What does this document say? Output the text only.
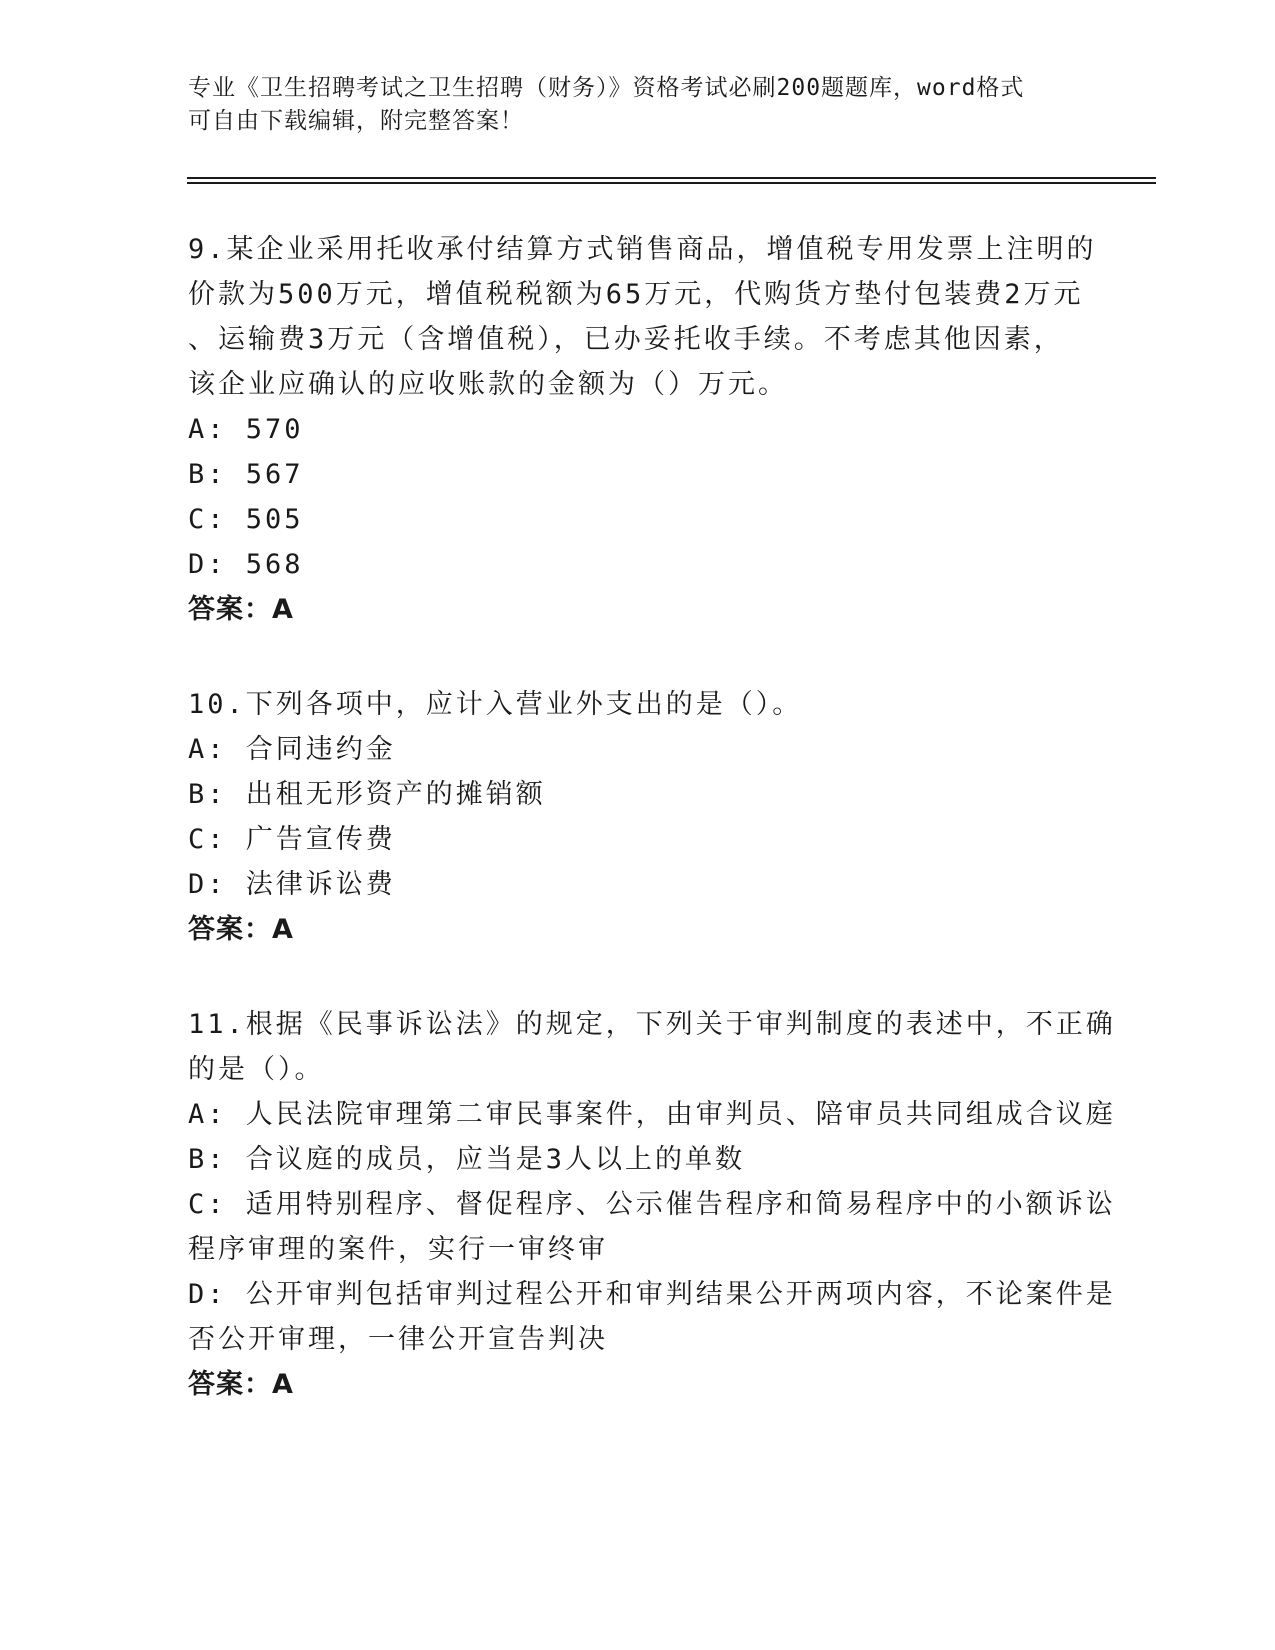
专业《卫生招聘考试之卫生招聘（财务）》资格考试必刷200题题库，word格式
可自由下载编辑，附完整答案！
9.某企业采用托收承付结算方式销售商品，增值税专用发票上注明的
价款为500万元，增值税税额为65万元，代购货方垫付包装费2万元
、运输费3万元（含增值税），已办妥托收手续。不考虑其他因素，
该企业应确认的应收账款的金额为（）万元。
A: 570
B: 567
C: 505
D: 568
答案：A
10.下列各项中，应计入营业外支出的是（）。
A: 合同违约金
B: 出租无形资产的摊销额
C: 广告宣传费
D: 法律诉讼费
答案：A
11.根据《民事诉讼法》的规定，下列关于审判制度的表述中，不正确
的是（）。
A: 人民法院审理第二审民事案件，由审判员、陪审员共同组成合议庭
B: 合议庭的成员，应当是3人以上的单数
C: 适用特别程序、督促程序、公示催告程序和简易程序中的小额诉讼
程序审理的案件，实行一审终审
D: 公开审判包括审判过程公开和审判结果公开两项内容，不论案件是
否公开审理，一律公开宣告判决
答案：A
